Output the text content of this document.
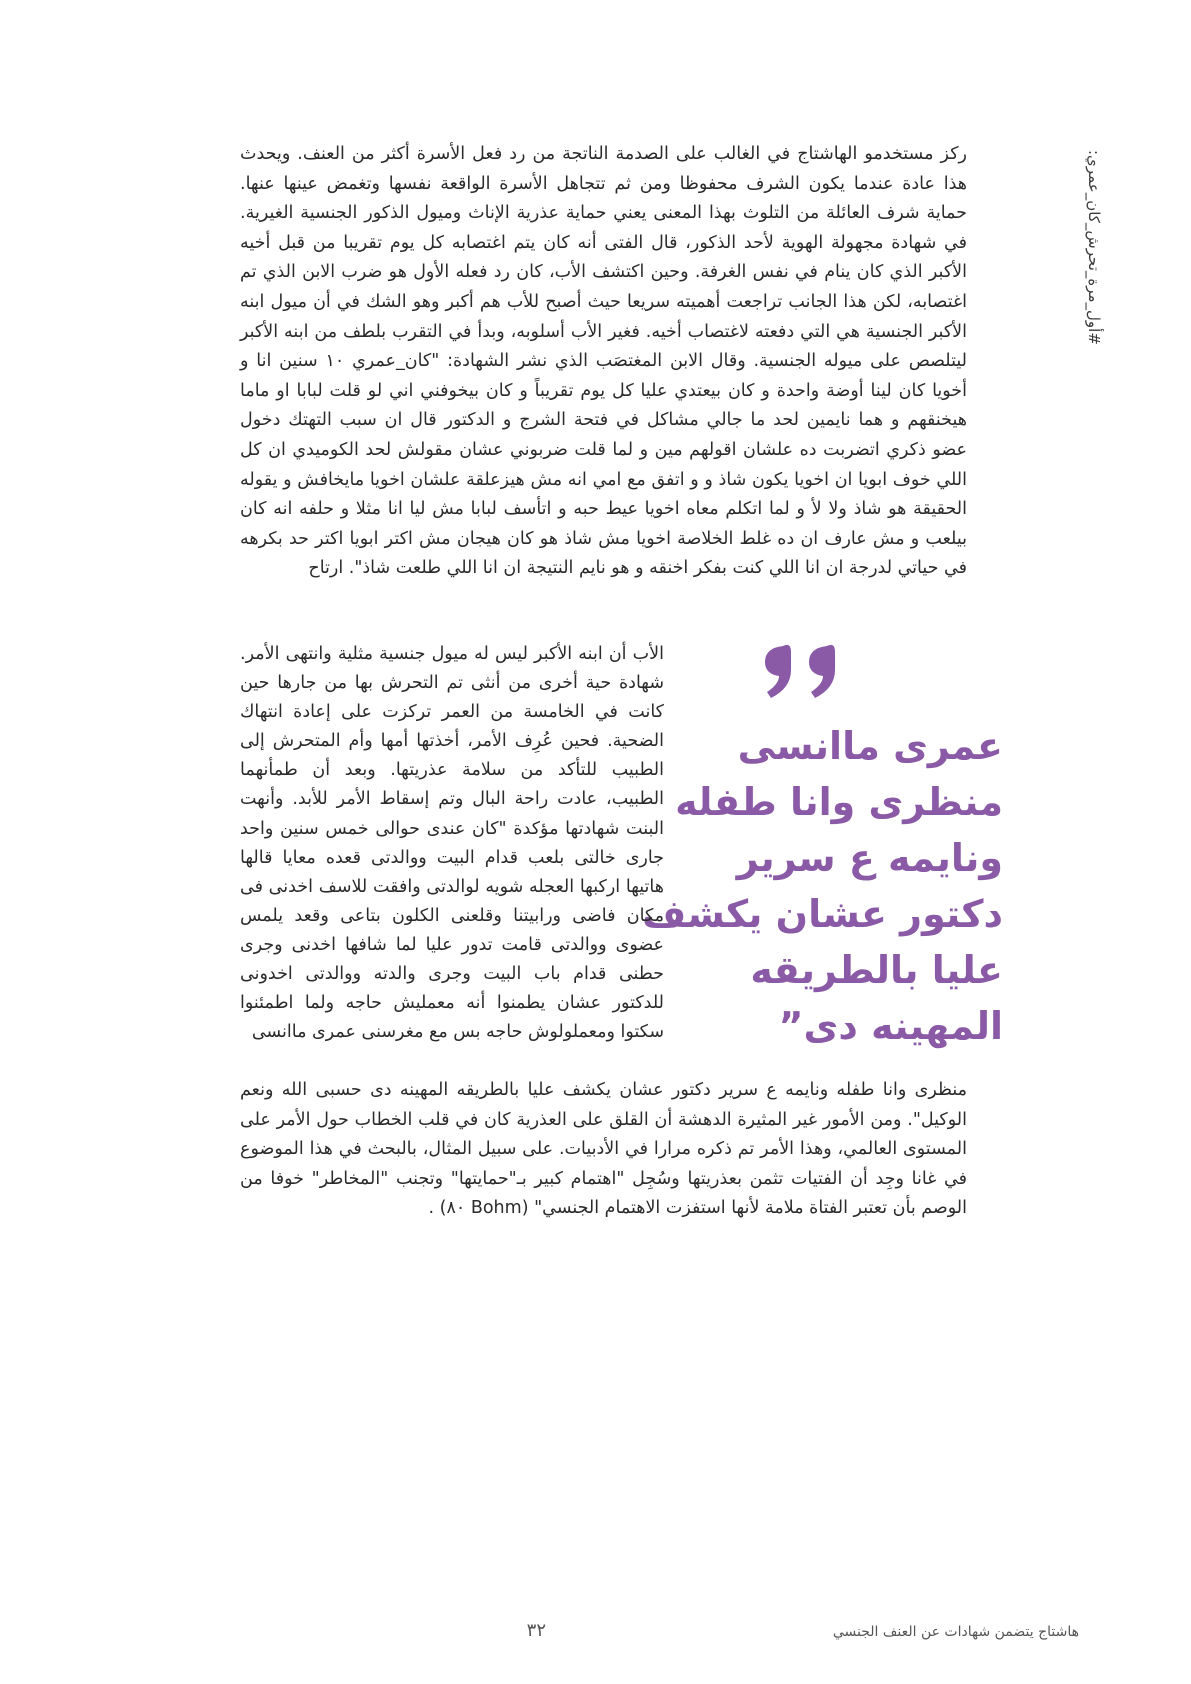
#أول_مرة_تحرش_كان_عمري:

ركز مستخدمو الهاشتاج في الغالب على الصدمة الناتجة من رد فعل الأسرة أكثر من العنف. ويحدث هذا عادة عندما يكون الشرف محفوظا ومن ثم تتجاهل الأسرة الواقعة نفسها وتغمض عينها عنها. حماية شرف العائلة من التلوث بهذا المعنى يعني حماية عذرية الإناث وميول الذكور الجنسية الغيرية. في شهادة مجهولة الهوية لأحد الذكور، قال الفتى أنه كان يتم اغتصابه كل يوم تقريبا من قبل أخيه الأكبر الذي كان ينام في نفس الغرفة. وحين اكتشف الأب، كان رد فعله الأول هو ضرب الابن الذي تم اغتصابه، لكن هذا الجانب تراجعت أهميته سريعا حيث أصبح للأب هم أكبر وهو الشك في أن ميول ابنه الأكبر الجنسية هي التي دفعته لاغتصاب أخيه. فغير الأب أسلوبه، وبدأ في التقرب بلطف من ابنه الأكبر ليتلصص على ميوله الجنسية. وقال الابن المغتصَب الذي نشر الشهادة: "كان_عمري ١٠ سنين انا و أخويا كان لينا أوضة واحدة و كان بيعتدي عليا كل يوم تقريباً و كان بيخوفني اني لو قلت لبابا او ماما هيخنقهم و هما نايمين لحد ما جالي مشاكل في فتحة الشرج و الدكتور قال ان سبب التهتك دخول عضو ذكري اتضربت ده علشان اقولهم مين و لما قلت ضربوني عشان مقولش لحد الكوميدي ان كل اللي خوف ابويا ان اخويا يكون شاذ و و اتفق مع امي انه مش هيزعلقة علشان اخويا مايخافش و يقوله الحقيقة هو شاذ ولا لأ و لما اتكلم معاه اخويا عيط حبه و اتأسف لبابا مش ليا انا مثلا و حلفه انه كان بيلعب و مش عارف ان ده غلط الخلاصة اخويا مش شاذ هو كان هيجان مش اكتر ابويا اكتر حد بكرهه في حياتي لدرجة ان انا اللي كنت بفكر اخنقه و هو نايم النتيجة ان انا اللي طلعت شاذ". ارتاح

عمرى ماانسى منظرى وانا طفله ونايمه ع سرير دكتور عشان يكشف عليا بالطريقه المهينه دى”

الأب أن ابنه الأكبر ليس له ميول جنسية مثلية وانتهى الأمر. شهادة حية أخرى من أنثى تم التحرش بها من جارها حين كانت في الخامسة من العمر تركزت على إعادة انتهاك الضحية. فحين عُرِف الأمر، أخذتها أمها وأم المتحرش إلى الطبيب للتأكد من سلامة عذريتها. وبعد أن طمأنهما الطبيب، عادت راحة البال وتم إسقاط الأمر للأبد. وأنهت البنت شهادتها مؤكدة "كان عندى حوالى خمس سنين واحد جارى خالتى بلعب قدام البيت ووالدتى قعده معايا قالها هاتيها اركبها العجله شويه لوالدتى وافقت للاسف اخدنى فى مكان فاضى ورابيتنا وقلعنى الكلون بتاعى وقعد يلمس عضوى ووالدتى قامت تدور عليا لما شافها اخدنى وجرى حطنى قدام باب البيت وجرى والدته ووالدتى اخدونى للدكتور عشان يطمنوا أنه معمليش حاجه ولما اطمئنوا سكتوا ومعملولوش حاجه بس مع مغرسنى عمرى ماانسى

منظرى وانا طفله ونايمه ع سرير دكتور عشان يكشف عليا بالطريقه المهينه دى حسبى الله ونعم الوكيل". ومن الأمور غير المثيرة الدهشة أن القلق على العذرية كان في قلب الخطاب حول الأمر على المستوى العالمي، وهذا الأمر تم ذكره مرارا في الأدبيات. على سبيل المثال، بالبحث في هذا الموضوع في غانا وجِد أن الفتيات تثمن بعذريتها وسُجِل "اهتمام كبير بـ"حمايتها" وتجنب "المخاطر" خوفا من الوصم بأن تعتبر الفتاة ملامة لأنها استفزت الاهتمام الجنسي" (Bohm ٨٠) .

هاشتاج يتضمن شهادات عن العنف الجنسي
٣٢
